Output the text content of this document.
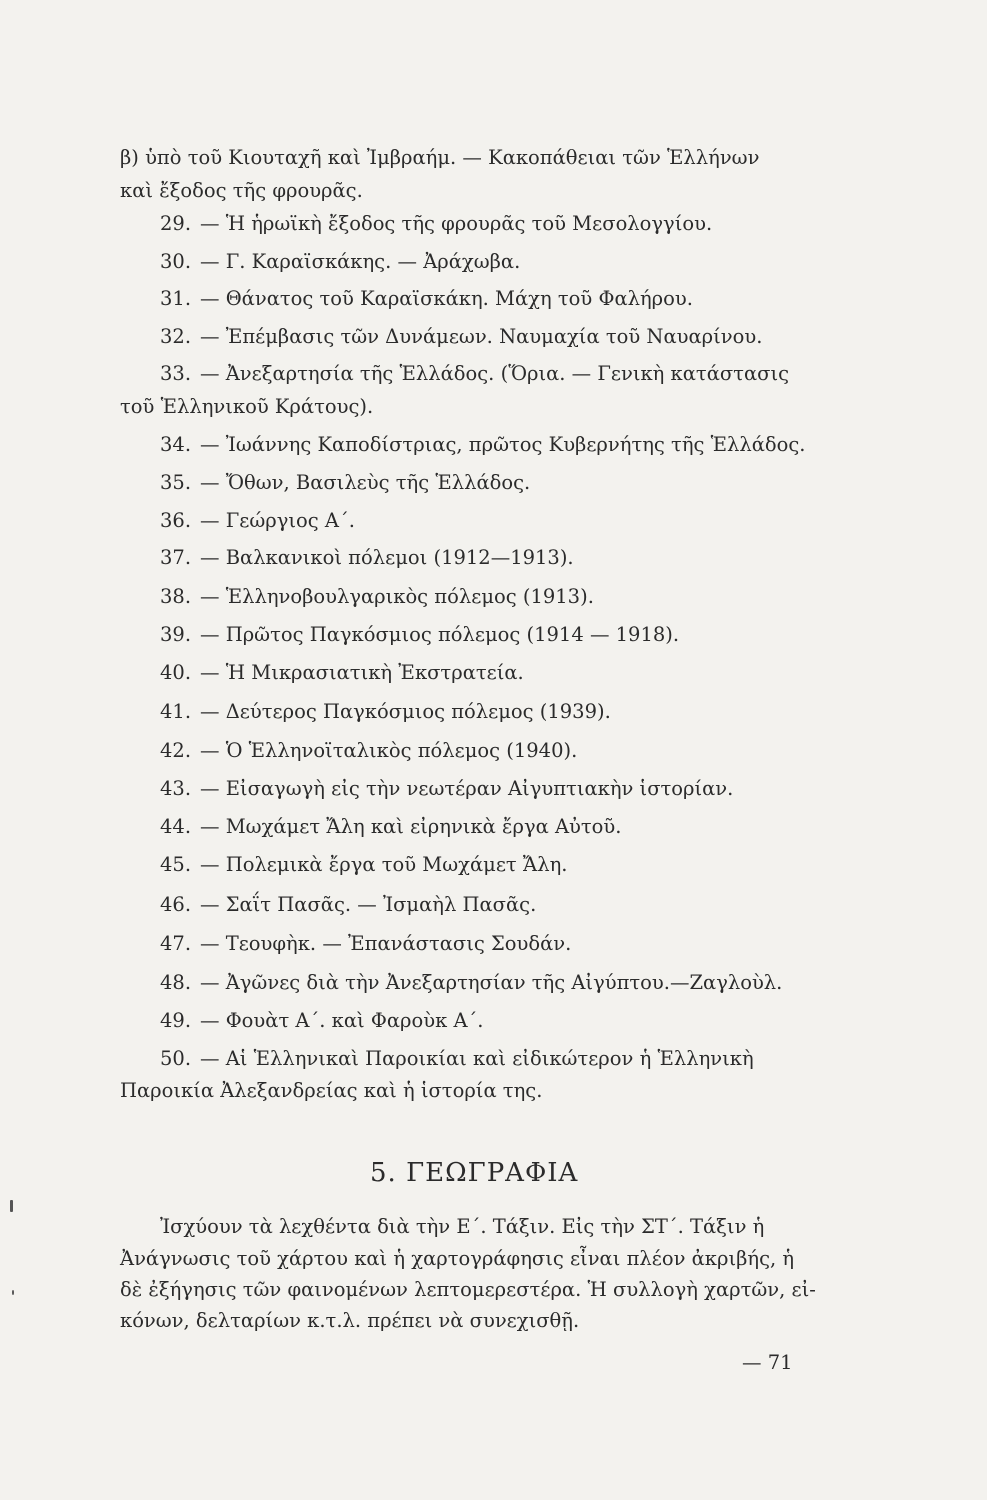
β) ὑπὸ τοῦ Κιουταχῆ καὶ Ἰμβραήμ. — Κακοπάθειαι τῶν Ἑλλήνων
καὶ ἔξοδος τῆς φρουρᾶς.
29. — Ἡ ἡρωϊκὴ ἔξοδος τῆς φρουρᾶς τοῦ Μεσολογγίου.
30. — Γ. Καραϊσκάκης. — Ἀράχωβα.
31. — Θάνατος τοῦ Καραϊσκάκη. Μάχη τοῦ Φαλήρου.
32. — Ἐπέμβασις τῶν Δυνάμεων. Ναυμαχία τοῦ Ναυαρίνου.
33. — Ἀνεξαρτησία τῆς Ἑλλάδος. (Ὅρια. — Γενικὴ κατάστασις
τοῦ Ἑλληνικοῦ Κράτους).
34. — Ἰωάννης Καποδίστριας, πρῶτος Κυβερνήτης τῆς Ἑλλάδος.
35. — Ὄθων, Βασιλεὺς τῆς Ἑλλάδος.
36. — Γεώργιος Α΄.
37. — Βαλκανικοὶ πόλεμοι (1912—1913).
38. — Ἑλληνοβουλγαρικὸς πόλεμος (1913).
39. — Πρῶτος Παγκόσμιος πόλεμος (1914 — 1918).
40. — Ἡ Μικρασιατικὴ Ἐκστρατεία.
41. — Δεύτερος Παγκόσμιος πόλεμος (1939).
42. — Ὁ Ἑλληνοϊταλικὸς πόλεμος (1940).
43. — Εἰσαγωγὴ εἰς τὴν νεωτέραν Αἰγυπτιακὴν ἱστορίαν.
44. — Μωχάμετ Ἄλη καὶ εἰρηνικὰ ἔργα Αὐτοῦ.
45. — Πολεμικὰ ἔργα τοῦ Μωχάμετ Ἄλη.
46. — Σαΐτ Πασᾶς. — Ἰσμαὴλ Πασᾶς.
47. — Τεουφὴκ. — Ἐπανάστασις Σουδάν.
48. — Ἀγῶνες διὰ τὴν Ἀνεξαρτησίαν τῆς Αἰγύπτου.—Ζαγλοὺλ.
49. — Φουὰτ Α΄. καὶ Φαροὺκ Α΄.
50. — Αἱ Ἑλληνικαὶ Παροικίαι καὶ εἰδικώτερον ἡ Ἑλληνικὴ
Παροικία Ἀλεξανδρείας καὶ ἡ ἱστορία της.
5. ΓΕΩΓΡΑΦΙΑ
Ἰσχύουν τὰ λεχθέντα διὰ τὴν Ε΄. Τάξιν. Εἰς τὴν ΣΤ΄. Τάξιν ἡ
Ἀνάγνωσις τοῦ χάρτου καὶ ἡ χαρτογράφησις εἶναι πλέον ἀκριβής, ἡ
δὲ ἐξήγησις τῶν φαινομένων λεπτομερεστέρα. Ἡ συλλογὴ χαρτῶν, εἰ-
κόνων, δελταρίων κ.τ.λ. πρέπει νὰ συνεχισθῇ.
— 71
